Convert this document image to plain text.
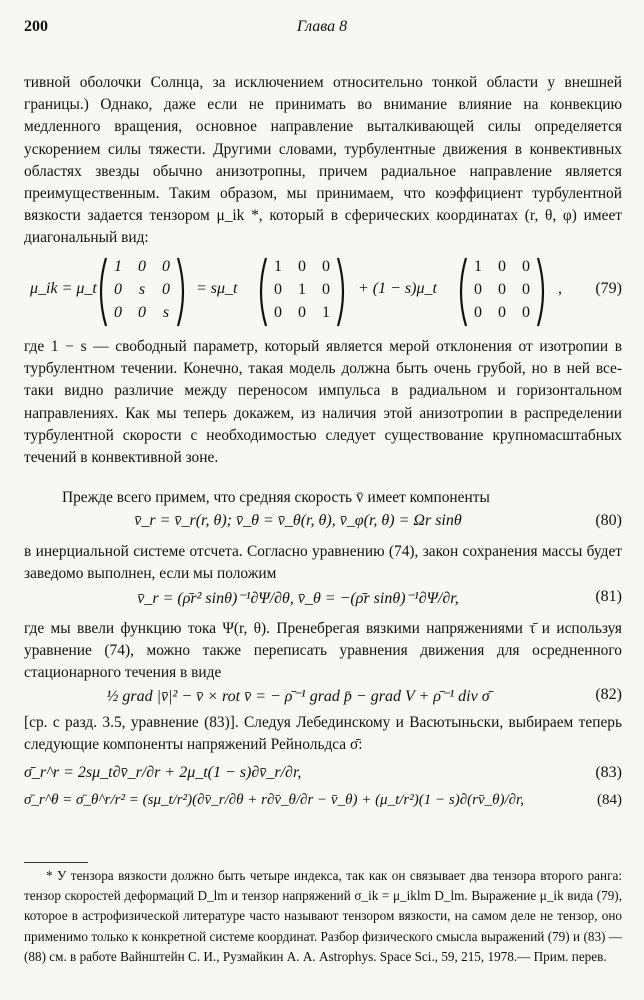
200	Глава 8
тивной оболочки Солнца, за исключением относительно тонкой области у внешней границы.) Однако, даже если не принимать во внимание влияние на конвекцию медленного вращения, основное направление выталкивающей силы определяется ускорением силы тяжести. Другими словами, турбулентные движения в конвективных областях звезды обычно анизотропны, причем радиальное направление является преимущественным. Таким образом, мы принимаем, что коэффициент турбулентной вязкости задается тензором μ_ik *, который в сферических координатах (r, θ, φ) имеет диагональный вид:
μ_ik = μ_t
1	0	0
0	s	0
0	0	s
= sμ_t
1	0	0
0	1	0
0	0	1
+ (1 − s)μ_t
1	0	0
0	0	0
0	0	0
, (79)
где 1 − s — свободный параметр, который является мерой отклонения от изотропии в турбулентном течении. Конечно, такая модель должна быть очень грубой, но в ней все-таки видно различие между переносом импульса в радиальном и горизонтальном направлениях. Как мы теперь докажем, из наличия этой анизотропии в распределении турбулентной скорости с необходимостью следует существование крупномасштабных течений в конвективной зоне.
Прежде всего примем, что средняя скорость v̄ имеет компоненты
v̄_r = v̄_r(r, θ); v̄_θ = v̄_θ(r, θ), v̄_φ(r, θ) = Ωr sinθ	(80)
в инерциальной системе отсчета. Согласно уравнению (74), закон сохранения массы будет заведомо выполнен, если мы положим
v̄_r = (ρ̄r² sinθ)⁻¹∂Ψ/∂θ, v̄_θ = −(ρ̄r sinθ)⁻¹∂Ψ/∂r,	(81)
где мы ввели функцию тока Ψ(r, θ). Пренебрегая вязкими напряжениями τ̄ и используя уравнение (74), можно также переписать уравнения движения для осредненного стационарного течения в виде
½ grad |v̄|² − v̄ × rot v̄ = − ρ̄⁻¹ grad p̄ − grad V + ρ̄⁻¹ div σ̄	(82)
[ср. с разд. 3.5, уравнение (83)]. Следуя Лебединскому и Васютыньски, выбираем теперь следующие компоненты напряжений Рейнольдса σ̄:
σ̄_r^r = 2sμ_t∂v̄_r/∂r + 2μ_t(1 − s)∂v̄_r/∂r,	(83)
σ̄_r^θ = σ̄_θ^r/r² = (sμ_t/r²)(∂v̄_r/∂θ + r∂v̄_θ/∂r − v̄_θ) + (μ_t/r²)(1 − s)∂(rv̄_θ)/∂r,	(84)
* У тензора вязкости должно быть четыре индекса, так как он связывает два тензора второго ранга: тензор скоростей деформаций D_lm и тензор напряжений σ_ik = μ_iklm D_lm. Выражение μ_ik вида (79), которое в астрофизической литературе часто называют тензором вязкости, на самом деле не тензор, оно применимо только к конкретной системе координат. Разбор физического смысла выражений (79) и (83) — (88) см. в работе Вайнштейн С. И., Рузмайкин А. А. Astrophys. Space Sci., 59, 215, 1978.— Прим. перев.
